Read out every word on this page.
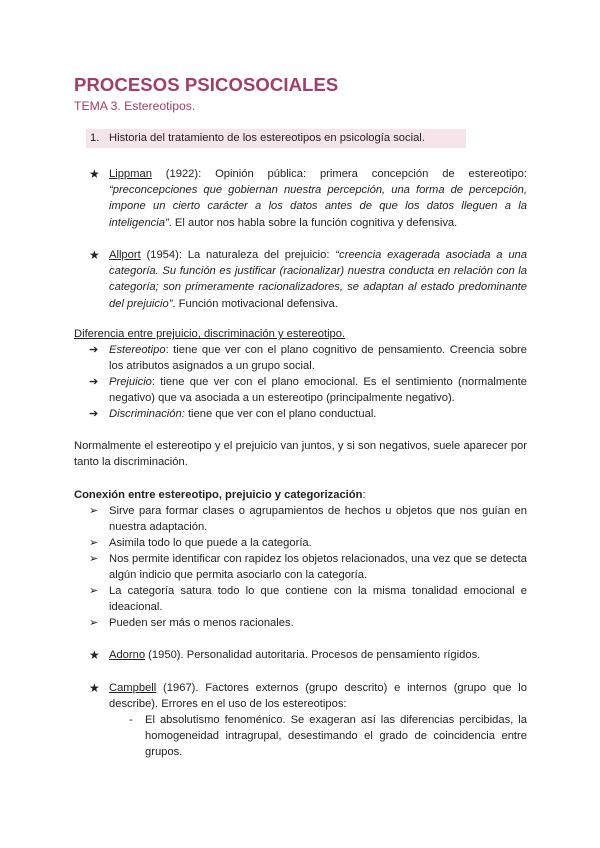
PROCESOS PSICOSOCIALES
TEMA 3. Estereotipos.
1. Historia del tratamiento de los estereotipos en psicología social.
★ Lippman (1922): Opinión pública: primera concepción de estereotipo:
“preconcepciones que gobiernan nuestra percepción, una forma de percepción,
impone un cierto carácter a los datos antes de que los datos lleguen a la
inteligencia”. El autor nos habla sobre la función cognitiva y defensiva.
★ Allport (1954): La naturaleza del prejuicio: “creencia exagerada asociada a una
categoría. Su función es justificar (racionalizar) nuestra conducta en relación con la
categoría; son primeramente racionalizadores, se adaptan al estado predominante
del prejuicio”. Función motivacional defensiva.
Diferencia entre prejuicio, discriminación y estereotipo.
➔ Estereotipo: tiene que ver con el plano cognitivo de pensamiento. Creencia sobre
los atributos asignados a un grupo social.
➔ Prejuicio: tiene que ver con el plano emocional. Es el sentimiento (normalmente
negativo) que va asociada a un estereotipo (principalmente negativo).
➔ Discriminación: tiene que ver con el plano conductual.
Normalmente el estereotipo y el prejuicio van juntos, y si son negativos, suele aparecer por
tanto la discriminación.
Conexión entre estereotipo, prejuicio y categorización:
➢ Sirve para formar clases o agrupamientos de hechos u objetos que nos guían en
nuestra adaptación.
➢ Asimila todo lo que puede a la categoría.
➢ Nos permite identificar con rapidez los objetos relacionados, una vez que se detecta
algún indicio que permita asociarlo con la categoría.
➢ La categoría satura todo lo que contiene con la misma tonalidad emocional e
ideacional.
➢ Pueden ser más o menos racionales.
★ Adorno (1950). Personalidad autoritaria. Procesos de pensamiento rígidos.
★ Campbell (1967). Factores externos (grupo descrito) e internos (grupo que lo
describe). Errores en el uso de los estereotipos:
- El absolutismo fenoménico. Se exageran así las diferencias percibidas, la
homogeneidad intragrupal, desestimando el grado de coincidencia entre
grupos.
